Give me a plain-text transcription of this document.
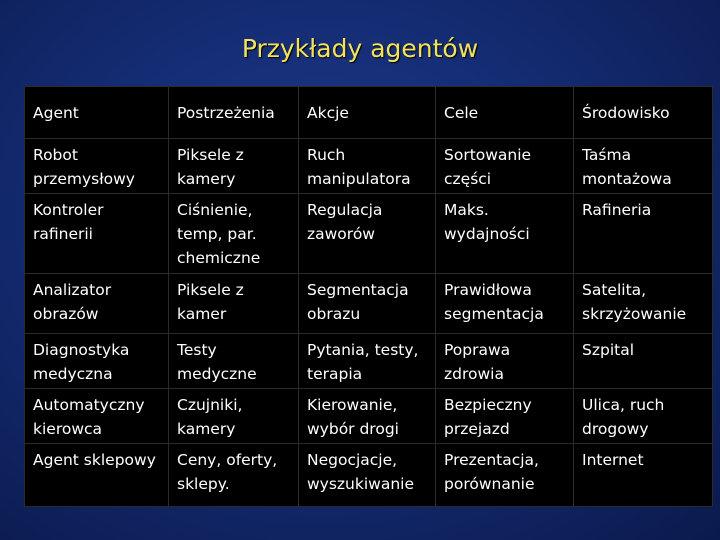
Przykłady agentów
Agent	Postrzeżenia	Akcje	Cele	Środowisko
Robot przemysłowy	Piksele z kamery	Ruch manipulatora	Sortowanie części	Taśma montażowa
Kontroler rafinerii	Ciśnienie, temp, par. chemiczne	Regulacja zaworów	Maks. wydajności	Rafineria
Analizator obrazów	Piksele z kamer	Segmentacja obrazu	Prawidłowa segmentacja	Satelita, skrzyżowanie
Diagnostyka medyczna	Testy medyczne	Pytania, testy, terapia	Poprawa zdrowia	Szpital
Automatyczny kierowca	Czujniki, kamery	Kierowanie, wybór drogi	Bezpieczny przejazd	Ulica, ruch drogowy
Agent sklepowy	Ceny, oferty, sklepy.	Negocjacje, wyszukiwanie	Prezentacja, porównanie	Internet
